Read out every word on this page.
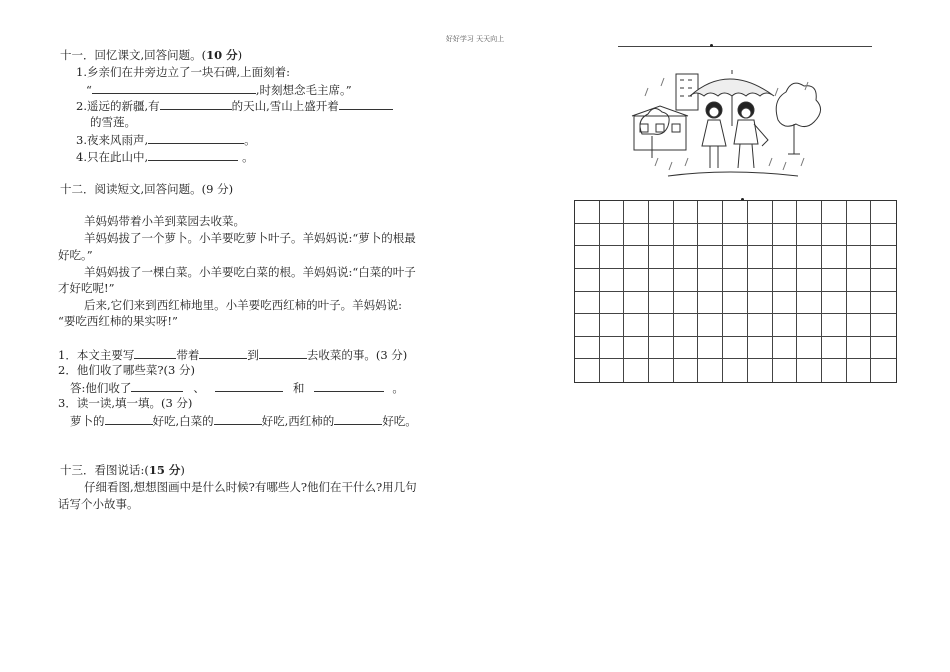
好好学习 天天向上
十一．回忆课文,回答问题。(10 分)
1.乡亲们在井旁边立了一块石碑,上面刻着:
“	,时刻想念毛主席。”
2.遥远的新疆,有	的天山,雪山上盛开着
的雪莲。
3.夜来风雨声,	。
4.只在此山中,	。
十二．阅读短文,回答问题。(9 分)
羊妈妈带着小羊到菜园去收菜。
羊妈妈拔了一个萝卜。小羊要吃萝卜叶子。羊妈妈说:“萝卜的根最
好吃。”
羊妈妈拔了一棵白菜。小羊要吃白菜的根。羊妈妈说:“白菜的叶子
才好吃呢!”
后来,它们来到西红柿地里。小羊要吃西红柿的叶子。羊妈妈说:
“要吃西红柿的果实呀!”
1．本文主要写	带着	到	去收菜的事。(3 分)
2．他们收了哪些菜?(3 分)
答:他们收了	、	和	。
3．读一读,填一填。(3 分)
萝卜的	好吃,白菜的	好吃,西红柿的	好吃。
十三．看图说话:(15 分)
仔细看图,想想图画中是什么时候?有哪些人?他们在干什么?用几句
话写个小故事。
